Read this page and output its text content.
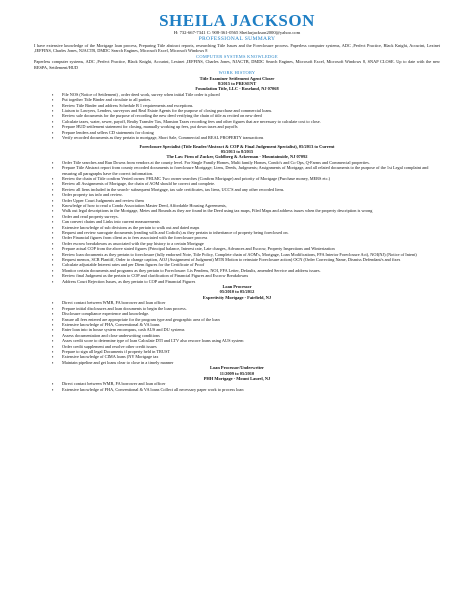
SHEILA JACKSON
H: 732-667-7341 C: 908-361-0565 Sheilarjackson2000@yahoo.com
PROFESSIONAL SUMMARY
I have extensive knowledge of the Mortgage loan process, Preparing Title abstract reports, researching Title Issues and the Foreclosure process. Paperless computer systems, ADC ,Perfect Practice, Black Knight, Accurint, Lexinet ,IEFFINS, Charles Jones, NJACTB, DMDC Search Engines, Microsoft Excel, Microsoft Windows 8
COMPUTER SYSTEMS KNOWLEDGE
Paperless computer systems, ADC ,Perfect Practice, Black Knight, Accurint, Lexinet ,IEFFINS, Charles Jones, NJACTB, DMDC Search Engines, Microsoft Excel, Microsoft Windows 8, SNAP CLOSE. Up to date with the new RESPA, Settlement/HUD
WORK HISTORY
Title Examiner Settlement Agent Closer
8/2015 to PRESENT
Foundation Title, LLC - Roseland, NJ 07068
▪ File NOS (Notice of Settlement) , order deed work, survey when initial Title order is placed
▪ Put together Title Binder and circulate to all parties.
▪ Review Title Binder and address Schedule B 1 requirements and exceptions.
▪ Liaison to Lawyers, Lenders, surveyors and Real Estate Agents for the purpose of closing purchase and commercial loans.
▪ Review sale documents for the purpose of recording the new deed verifying the chain of title as recited on new deed
▪ Calculate taxes, water, sewer, payoff, Realty Transfer Tax, Mansion Taxes recording fees and other figures that are necessary to calculate cost to close.
▪ Prepare HUD settlement statement for closing, manually working up fees, put down taxes and payoffs
▪ Prepare lenders and sellers CD statements for closing
▪ Verify recorded documents as they pertain to mortgage, Short Sale, Commercial and REAL PROPERTY transactions
Foreclosure Specialist (Title Reader/Abstract & COP & Final Judgement Specialist), 05/2013 to Current
05/2013 to 8/2015
The Law Firm of Zucker, Goldberg & Ackerman - Mountainside, NJ 07092
▪ Order Title searches and Run Downs from vendors at the county level. For Single Family Homes, Multi family Homes, Condo's and Co Ops, Q-Farms and Commercial properties.
▪ Prepare Title Abstract report from county recorded documents to foreclosure Mortgage; Liens, Deeds, Judgments; Assignments of Mortgage, and all related documents to the purpose of the 1st Legal complaint and ensuring all paragraphs have the correct information.
▪ Review the chain of Title confirm Vested owner. FHLMC Two owner searches (Confirm Mortgage) and priority of Mortgage (Purchase money, MERS etc.)
▪ Review all Assignments of Mortgage, the chain of AOM should be correct and complete.
▪ Review all liens included in the search- subsequent Mortgage, tax sale certificates, tax liens, UCC'S and any other recorded liens.
▪ Order property tax info and review.
▪ Order Upper Court Judgments and review them
▪ Knowledge of how to read a Condo Association Master Deed, Affordable Housing Agreements,
▪ Walk out legal descriptions in the Mortgage, Metes and Bounds as they are found in the Deed using tax maps, Filed Maps and address issues when the property description is wrong
▪ Order and read property surveys.
▪ Can convert chains and Links into current measurements
▪ Extensive knowledge of sub divisions as the pertain to walk out and dated maps
▪ Request and review surrogate documents (reading wills and Codicils) as they pertain to inheritance of property being foreclosed on.
▪ Order Financial figures from client as to fees associated with the foreclosure process
▪ Order escrow breakdowns as associated with the pay history to a certain Mortgage
▪ Prepare actual COP from the above stated figures (Principal balance, Interest rate, Late charges, Advances and Escrow, Property Inspections and Winterization
▪ Review loan documents as they pertain to foreclosure (fully endorsed Note, Title Policy, Complete chain of AOM's, Mortgage, Loan Modifications, FFA Interior Foreclosure Act), NOI(NJ) (Notice of Intent)
▪ Request memos, SCR Plantiff, Order to change caption, AOJ (Assignment of Judgment) MTR Motion to reinstate Foreclosure action) OCN (Order Correcting Name, Dismiss Defendant/s and fixes
▪ Calculate adjustable Interest rates and per Diem figures for the Certificate of Proof
▪ Monitor certain documents and programs as they pertain to Foreclosure: Lis Pendens, NOI, FFA Letter, Defaults, amended Service and address issues.
▪ Review final Judgment as the pertain to COP and clarification of Financial Figures and Escrow Breakdowns
▪ Address Court Rejection Issues, as they pertain to COP and Financial Figures
Loan Processor
05/2010 to 05/2012
Expertivity Mortgage - Fairfield, NJ
▪ Direct contact between WMB, FA borrower and loan officer
▪ Prepare initial disclosures and loan documents to begin the loan process.
▪ Disclosure compliance experience and knowledge.
▪ Ensure all fees entered are appropriate for the program type and geographic area of the loan
▪ Extensive knowledge of FHA, Conventional & VA loans
▪ Enter loan into in house system encompass, cash AUS and DU systems
▪ Assess documentation and close underwriting conditions
▪ Asses credit score to determine type of loan Calculate DTI and LTV also rescore loans using AUS system
▪ Order credit supplement and resolve other credit issues
▪ Prepare to sign all legal Documents if property held in TRUST
▪ Extensive knowledge of CIMA loans (NY Mortgage tax
▪ Maintain pipeline and get loans clear to close in a timely manner
Loan Processor/Underwriter
11/2009 to 05/2010
PHH Mortgage - Mount Laurel, NJ
▪ Direct contact between WMB, FA borrower and loan officer
▪ Extensive knowledge of FHA, Conventional & VA loans Collect all necessary paper work to process loan
